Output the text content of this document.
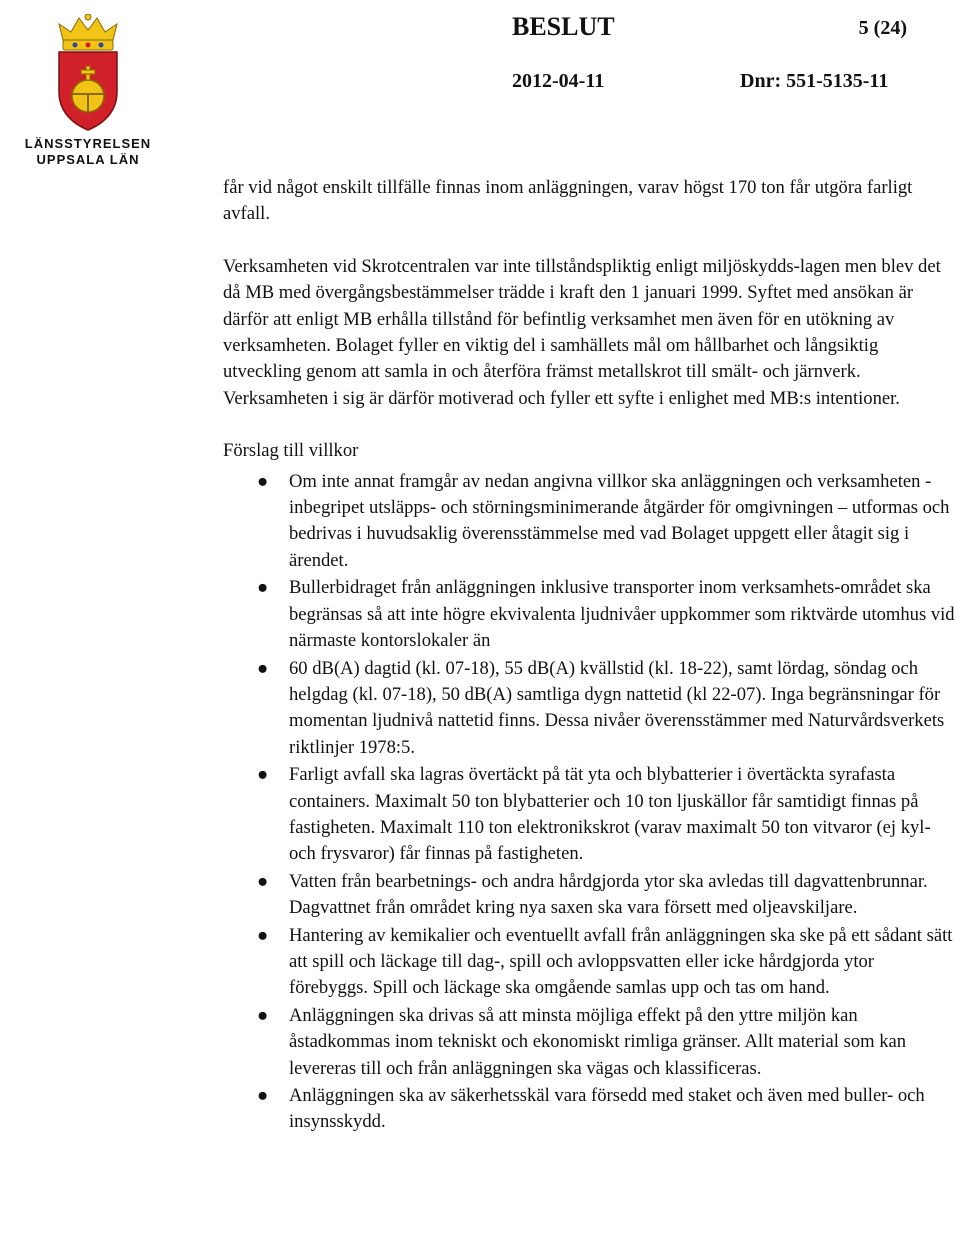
LÄNSSTYRELSEN
UPPSALA LÄN
BESLUT	5 (24)
2012-04-11	Dnr: 551-5135-11

får vid något enskilt tillfälle finnas inom anläggningen, varav högst 170 ton får utgöra farligt avfall.

Verksamheten vid Skrotcentralen var inte tillståndspliktig enligt miljöskydds-lagen men blev det då MB med övergångsbestämmelser trädde i kraft den 1 januari 1999. Syftet med ansökan är därför att enligt MB erhålla tillstånd för befintlig verksamhet men även för en utökning av verksamheten. Bolaget fyller en viktig del i samhällets mål om hållbarhet och långsiktig utveckling genom att samla in och återföra främst metallskrot till smält- och järnverk. Verksamheten i sig är därför motiverad och fyller ett syfte i enlighet med MB:s intentioner.

Förslag till villkor

● Om inte annat framgår av nedan angivna villkor ska anläggningen och verksamheten - inbegripet utsläpps- och störningsminimerande åtgärder för omgivningen – utformas och bedrivas i huvudsaklig överensstämmelse med vad Bolaget uppgett eller åtagit sig i ärendet.
● Bullerbidraget från anläggningen inklusive transporter inom verksamhets-området ska begränsas så att inte högre ekvivalenta ljudnivåer uppkommer som riktvärde utomhus vid närmaste kontorslokaler än
● 60 dB(A) dagtid (kl. 07-18), 55 dB(A) kvällstid (kl. 18-22), samt lördag, söndag och helgdag (kl. 07-18), 50 dB(A) samtliga dygn nattetid (kl 22-07). Inga begränsningar för momentan ljudnivå nattetid finns. Dessa nivåer överensstämmer med Naturvårdsverkets riktlinjer 1978:5.
● Farligt avfall ska lagras övertäckt på tät yta och blybatterier i övertäckta syrafasta containers. Maximalt 50 ton blybatterier och 10 ton ljuskällor får samtidigt finnas på fastigheten. Maximalt 110 ton elektronikskrot (varav maximalt 50 ton vitvaror (ej kyl- och frysvaror) får finnas på fastigheten.
● Vatten från bearbetnings- och andra hårdgjorda ytor ska avledas till dagvattenbrunnar. Dagvattnet från området kring nya saxen ska vara försett med oljeavskiljare.
● Hantering av kemikalier och eventuellt avfall från anläggningen ska ske på ett sådant sätt att spill och läckage till dag-, spill och avloppsvatten eller icke hårdgjorda ytor förebyggs. Spill och läckage ska omgående samlas upp och tas om hand.
● Anläggningen ska drivas så att minsta möjliga effekt på den yttre miljön kan åstadkommas inom tekniskt och ekonomiskt rimliga gränser. Allt material som kan levereras till och från anläggningen ska vägas och klassificeras.
● Anläggningen ska av säkerhetsskäl vara försedd med staket och även med buller- och insynsskydd.
